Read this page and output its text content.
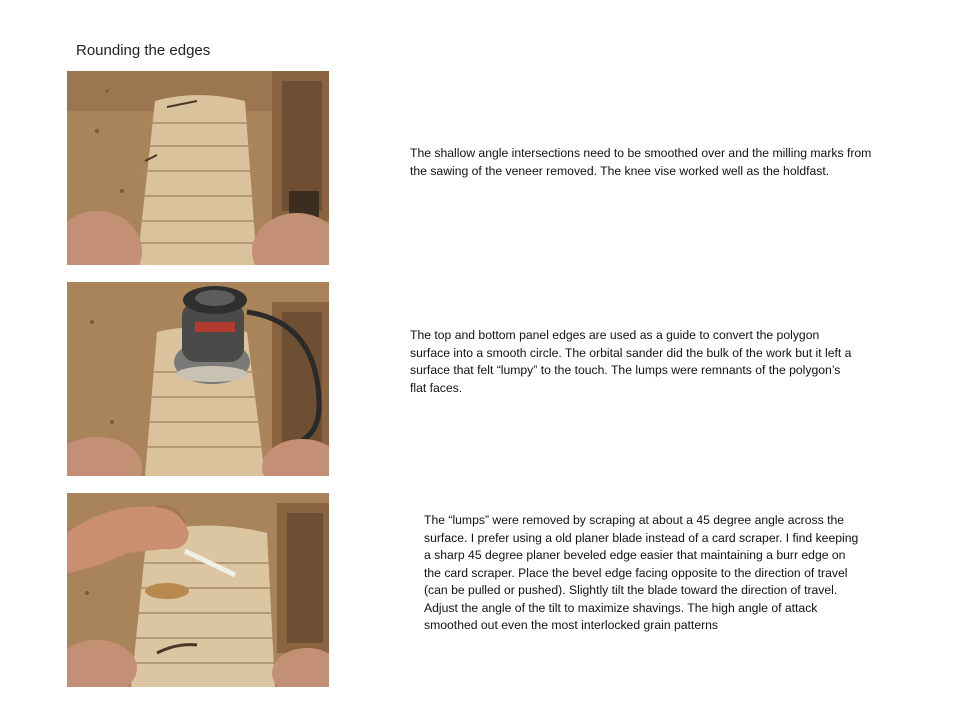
Rounding the edges
The shallow angle intersections need to be smoothed over and the milling marks from the sawing of the veneer removed. The knee vise worked well as the holdfast.
The top and bottom panel edges are used as a guide to convert the polygon surface into a smooth circle. The orbital sander did the bulk of the work but it left a surface that felt “lumpy” to the touch. The lumps were remnants of the polygon’s flat faces.
The “lumps” were removed by scraping at about a 45 degree angle across the surface. I prefer using a old planer blade instead of a card scraper. I find keeping a sharp 45 degree planer beveled edge easier that maintaining a burr edge on the card scraper. Place the bevel edge facing opposite to the direction of travel (can be pulled or pushed). Slightly tilt the blade toward the direction of travel. Adjust the angle of the tilt to maximize shavings. The high angle of attack smoothed out even the most interlocked grain patterns
